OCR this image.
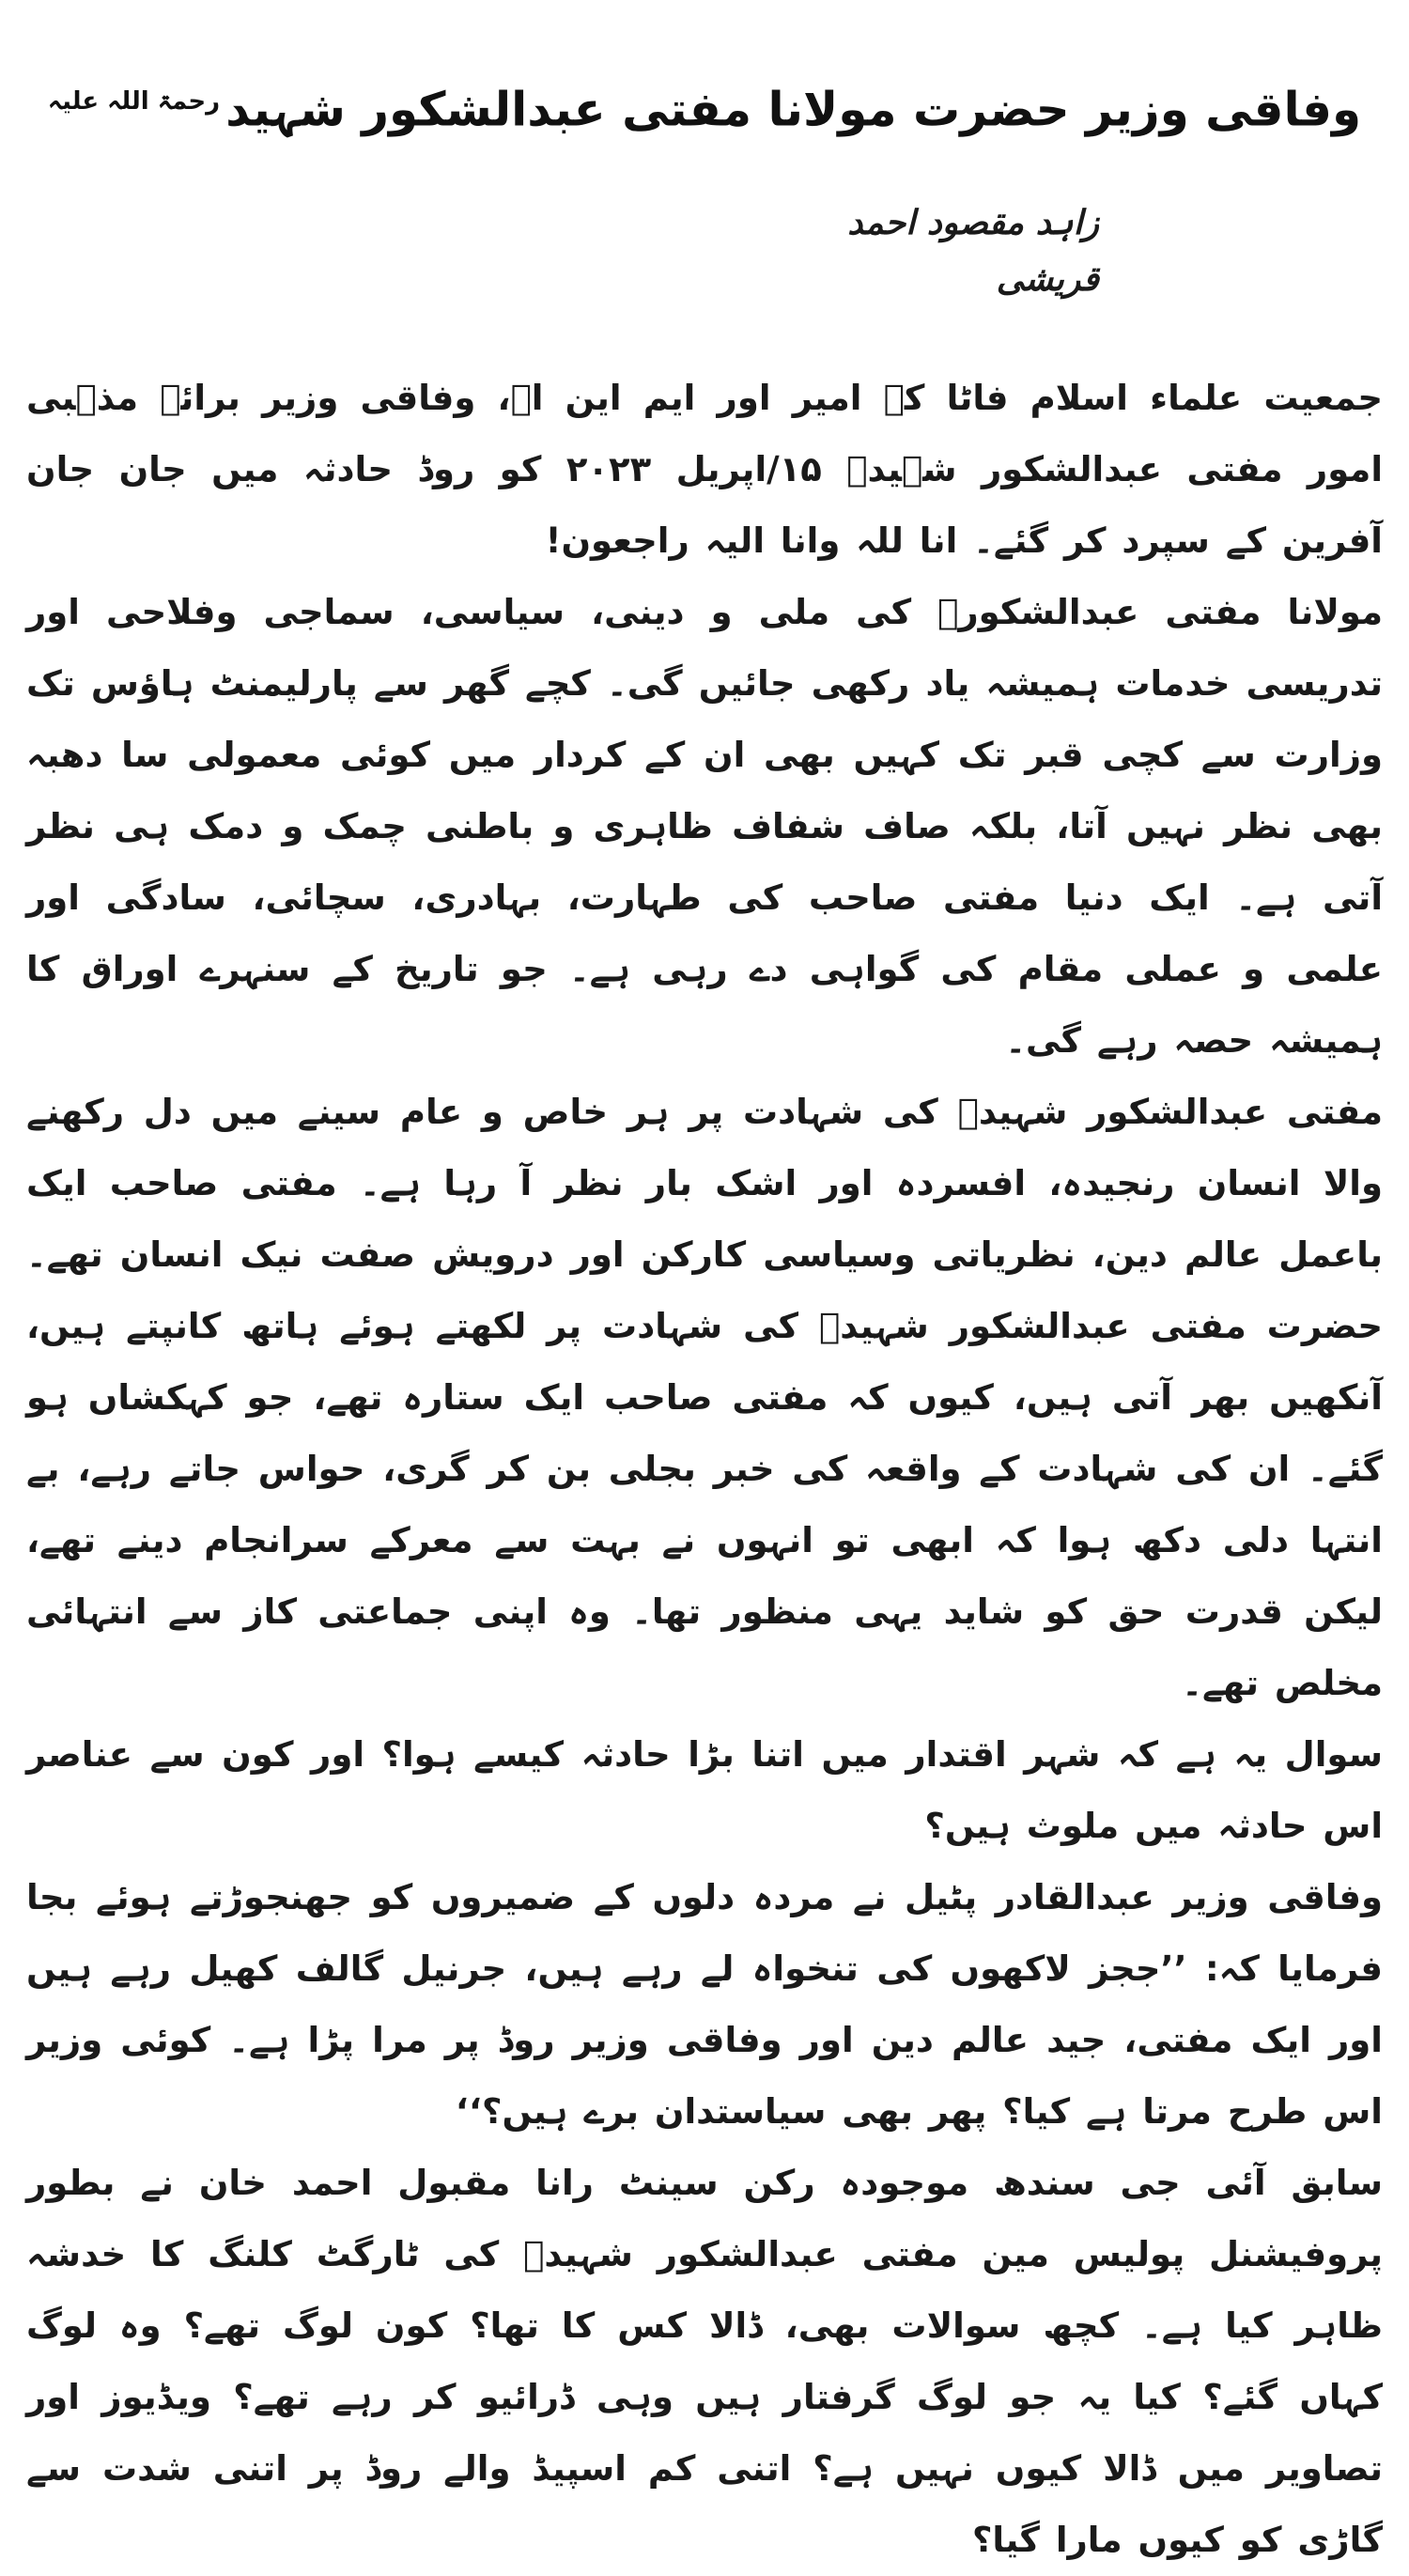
وفاقی وزیر حضرت مولانا مفتی عبدالشکور شہید$^{رحمۃ اللہ علیہ}$

زاہد مقصود احمد قریشی

جمعیت علماء اسلام فاٹا کے امیر اور ایم این اے، وفاقی وزیر برائے مذہبی امور مفتی عبدالشکور شہیدؒ ۱۵/اپریل ۲۰۲۳ کو روڈ حادثہ میں جان جان آفرین کے سپرد کر گئے۔ انا للہ وانا الیہ راجعون!

مولانا مفتی عبدالشکورؒ کی ملی و دینی، سیاسی، سماجی وفلاحی اور تدریسی خدمات ہمیشہ یاد رکھی جائیں گی۔ کچے گھر سے پارلیمنٹ ہاؤس تک وزارت سے کچی قبر تک کہیں بھی ان کے کردار میں کوئی معمولی سا دھبہ بھی نظر نہیں آتا، بلکہ صاف شفاف ظاہری و باطنی چمک و دمک ہی نظر آتی ہے۔ ایک دنیا مفتی صاحب کی طہارت، بہادری، سچائی، سادگی اور علمی و عملی مقام کی گواہی دے رہی ہے۔ جو تاریخ کے سنہرے اوراق کا ہمیشہ حصہ رہے گی۔

مفتی عبدالشکور شہیدؒ کی شہادت پر ہر خاص و عام سینے میں دل رکھنے والا انسان رنجیدہ، افسردہ اور اشک بار نظر آ رہا ہے۔ مفتی صاحب ایک باعمل عالم دین، نظریاتی وسیاسی کارکن اور درویش صفت نیک انسان تھے۔ حضرت مفتی عبدالشکور شہیدؒ کی شہادت پر لکھتے ہوئے ہاتھ کانپتے ہیں، آنکھیں بھر آتی ہیں، کیوں کہ مفتی صاحب ایک ستارہ تھے، جو کہکشاں ہو گئے۔ ان کی شہادت کے واقعہ کی خبر بجلی بن کر گری، حواس جاتے رہے، بے انتہا دلی دکھ ہوا کہ ابھی تو انہوں نے بہت سے معرکے سرانجام دینے تھے، لیکن قدرت حق کو شاید یہی منظور تھا۔ وہ اپنی جماعتی کاز سے انتہائی مخلص تھے۔

سوال یہ ہے کہ شہر اقتدار میں اتنا بڑا حادثہ کیسے ہوا؟ اور کون سے عناصر اس حادثہ میں ملوث ہیں؟

وفاقی وزیر عبدالقادر پٹیل نے مردہ دلوں کے ضمیروں کو جھنجوڑتے ہوئے بجا فرمایا کہ: ’’ججز لاکھوں کی تنخواہ لے رہے ہیں، جرنیل گالف کھیل رہے ہیں اور ایک مفتی، جید عالم دین اور وفاقی وزیر روڈ پر مرا پڑا ہے۔ کوئی وزیر اس طرح مرتا ہے کیا؟ پھر بھی سیاستدان برے ہیں؟‘‘

سابق آئی جی سندھ موجودہ رکن سینٹ رانا مقبول احمد خان نے بطور پروفیشنل پولیس مین مفتی عبدالشکور شہیدؒ کی ٹارگٹ کلنگ کا خدشہ ظاہر کیا ہے۔ کچھ سوالات بھی، ڈالا کس کا تھا؟ کون لوگ تھے؟ وہ لوگ کہاں گئے؟ کیا یہ جو لوگ گرفتار ہیں وہی ڈرائیو کر رہے تھے؟ ویڈیوز اور تصاویر میں ڈالا کیوں نہیں ہے؟ اتنی کم اسپیڈ والے روڈ پر اتنی شدت سے گاڑی کو کیوں مارا گیا؟
